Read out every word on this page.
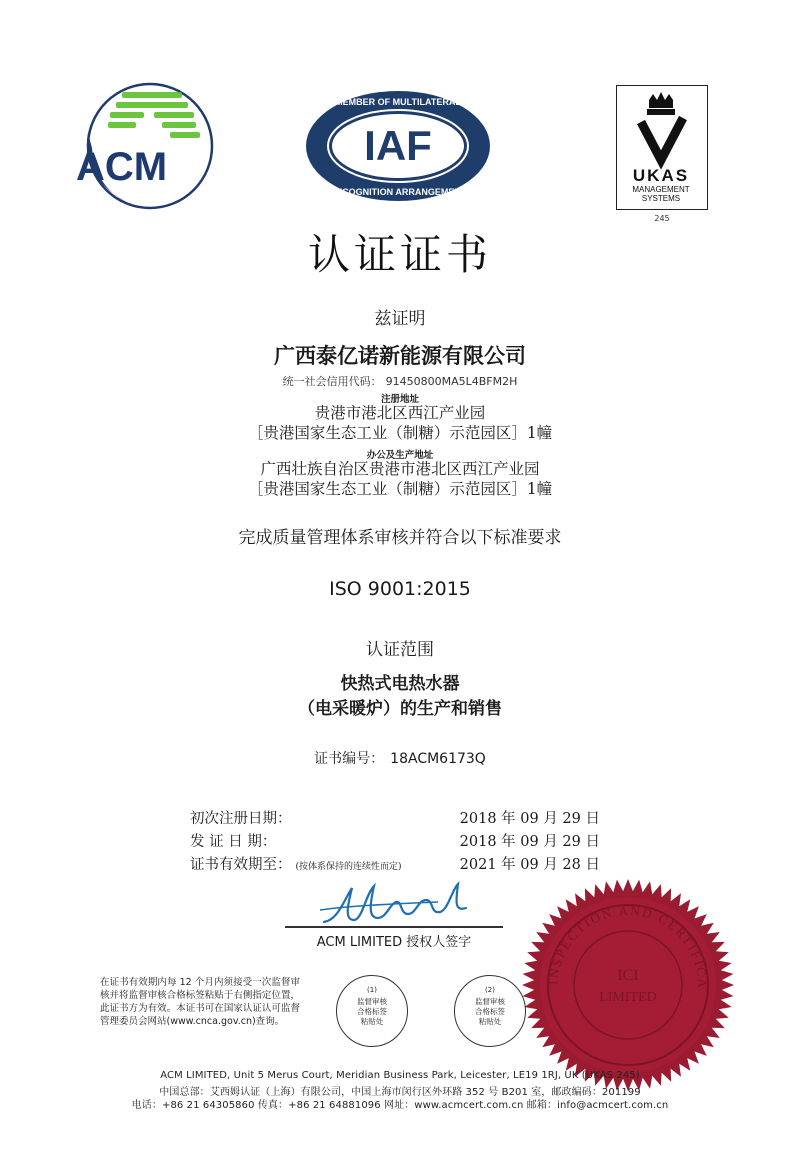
ACM	IAF
MEMBER OF MULTILATERAL
RECOGNITION ARRANGEMENT
UKAS
MANAGEMENT
SYSTEMS
245
认证证书
兹证明
广西泰亿诺新能源有限公司
统一社会信用代码： 91450800MA5L4BFM2H
注册地址
贵港市港北区西江产业园
［贵港国家生态工业（制糖）示范园区］1幢
办公及生产地址
广西壮族自治区贵港市港北区西江产业园
［贵港国家生态工业（制糖）示范园区］1幢
完成质量管理体系审核并符合以下标准要求
ISO 9001:2015
认证范围
快热式电热水器
（电采暖炉）的生产和销售
证书编号： 18ACM6173Q
初次注册日期：	2018 年 09 月 29 日
发 证 日 期：	2018 年 09 月 29 日
证书有效期至： (按体系保持的连续性而定)	2021 年 09 月 28 日
ACM LIMITED 授权人签字
INSPECTION AND CERTIFICA
ICI
LIMITED
在证书有效期内每 12 个月内须接受一次监督审核并将监督审核合格标签粘贴于右侧指定位置，此证书方为有效。本证书可在国家认证认可监督管理委员会网站(www.cnca.gov.cn)查询。
(1)
监督审核
合格标签
粘贴处
(2)
监督审核
合格标签
粘贴处
ACM LIMITED, Unit 5 Merus Court, Meridian Business Park, Leicester, LE19 1RJ, UK (UKAS 245)
中国总部：艾西姆认证（上海）有限公司，中国上海市闵行区外环路 352 号 B201 室，邮政编码：201199
电话：+86 21 64305860 传真：+86 21 64881096 网址：www.acmcert.com.cn 邮箱：info@acmcert.com.cn
